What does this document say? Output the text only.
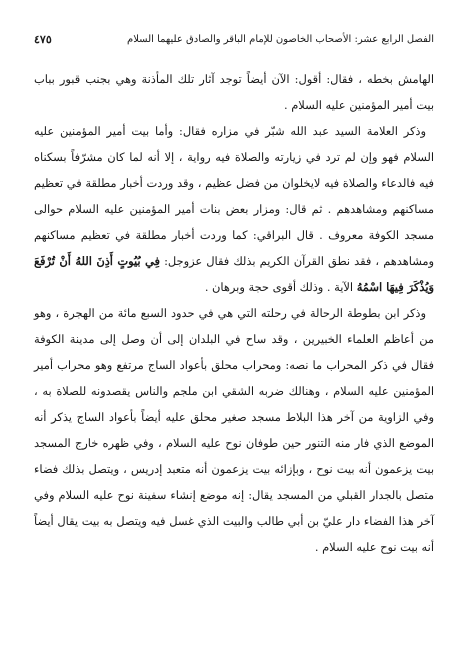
الفصل الرابع عشر: الأصحاب الخاصون للإمام الباقر والصادق عليهما السلام
٤٧٥

الهامش بخطه ، فقال: أقول: الآن أيضاً توجد آثار تلك المأذنة وهي بجنب قبور بباب بيت أمير المؤمنين عليه السلام .

وذكر العلامة السيد عبد الله شبّر في مزاره فقال: وأما بيت أمير المؤمنين عليه السلام فهو وإن لم ترد في زيارته والصلاة فيه رواية ، إلا أنه لما كان مشرّفاً بسكناه فيه فالدعاء والصلاة فيه لايخلوان من فضل عظيم ، وقد وردت أخبار مطلقة في تعظيم مساكنهم ومشاهدهم . ثم قال: ومزار بعض بنات أمير المؤمنين عليه السلام حوالى مسجد الكوفة معروف . قال البراقي: كما وردت أخبار مطلقة في تعظيم مساكنهم ومشاهدهم ، فقد نطق القرآن الكريم بذلك فقال عزوجل: فِي بُيُوتٍ أَذِنَ اللهُ أَنْ تُرْفَعَ وَيُذْكَرَ فِيهَا اسْمُهُ الآية . وذلك أقوى حجة وبرهان .

وذكر ابن بطوطة الرحالة في رحلته التي هي في حدود السبع مائة من الهجرة ، وهو من أعاظم العلماء الخبيرين ، وقد ساح في البلدان إلى أن وصل إلى مدينة الكوفة فقال في ذكر المحراب ما نصه: ومحراب محلق بأعواد الساج مرتفع وهو محراب أمير المؤمنين عليه السلام ، وهنالك ضربه الشقي ابن ملجم والناس يقصدونه للصلاة به ، وفي الزاوية من آخر هذا البلاط مسجد صغير محلق عليه أيضاً بأعواد الساج يذكر أنه الموضع الذي فار منه التنور حين طوفان نوح عليه السلام ، وفي ظهره خارج المسجد بيت يزعمون أنه بيت نوح ، وبإزائه بيت يزعمون أنه متعبد إدريس ، ويتصل بذلك فضاء متصل بالجدار القبلي من المسجد يقال: إنه موضع إنشاء سفينة نوح عليه السلام وفي آخر هذا الفضاء دار عليّ بن أبي طالب والبيت الذي غسل فيه ويتصل به بيت يقال أيضاً أنه بيت نوح عليه السلام .
